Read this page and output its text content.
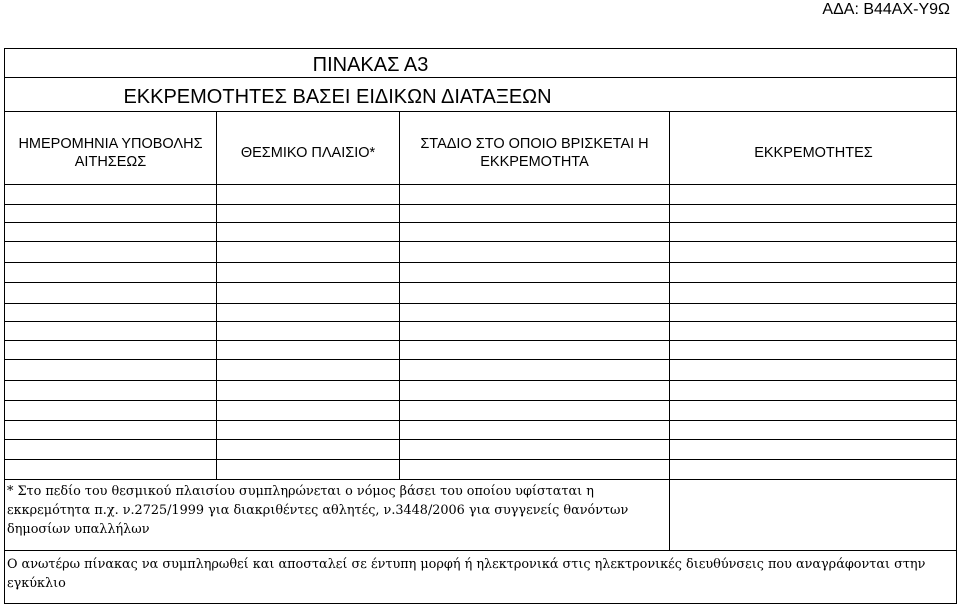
ΑΔΑ: Β44ΑΧ-Υ9Ω
ΠΙΝΑΚΑΣ Α3
ΕΚΚΡΕΜΟΤΗΤΕΣ ΒΑΣΕΙ ΕΙΔΙΚΩΝ ΔΙΑΤΑΞΕΩΝ
ΗΜΕΡΟΜΗΝΙΑ ΥΠΟΒΟΛΗΣ ΑΙΤΗΣΕΩΣ
ΘΕΣΜΙΚΟ ΠΛΑΙΣΙΟ*
ΣΤΑΔΙΟ ΣΤΟ ΟΠΟΙΟ ΒΡΙΣΚΕΤΑΙ Η ΕΚΚΡΕΜΟΤΗΤΑ
ΕΚΚΡΕΜΟΤΗΤΕΣ
* Στο πεδίο του θεσμικού πλαισίου συμπληρώνεται ο νόμος βάσει του οποίου υφίσταται η εκκρεμότητα π.χ. ν.2725/1999 για διακριθέντες αθλητές, ν.3448/2006 για συγγενείς θανόντων δημοσίων υπαλλήλων
Ο ανωτέρω πίνακας να συμπληρωθεί και αποσταλεί σε έντυπη μορφή ή ηλεκτρονικά στις ηλεκτρονικές διευθύνσεις που αναγράφονται στην εγκύκλιο
